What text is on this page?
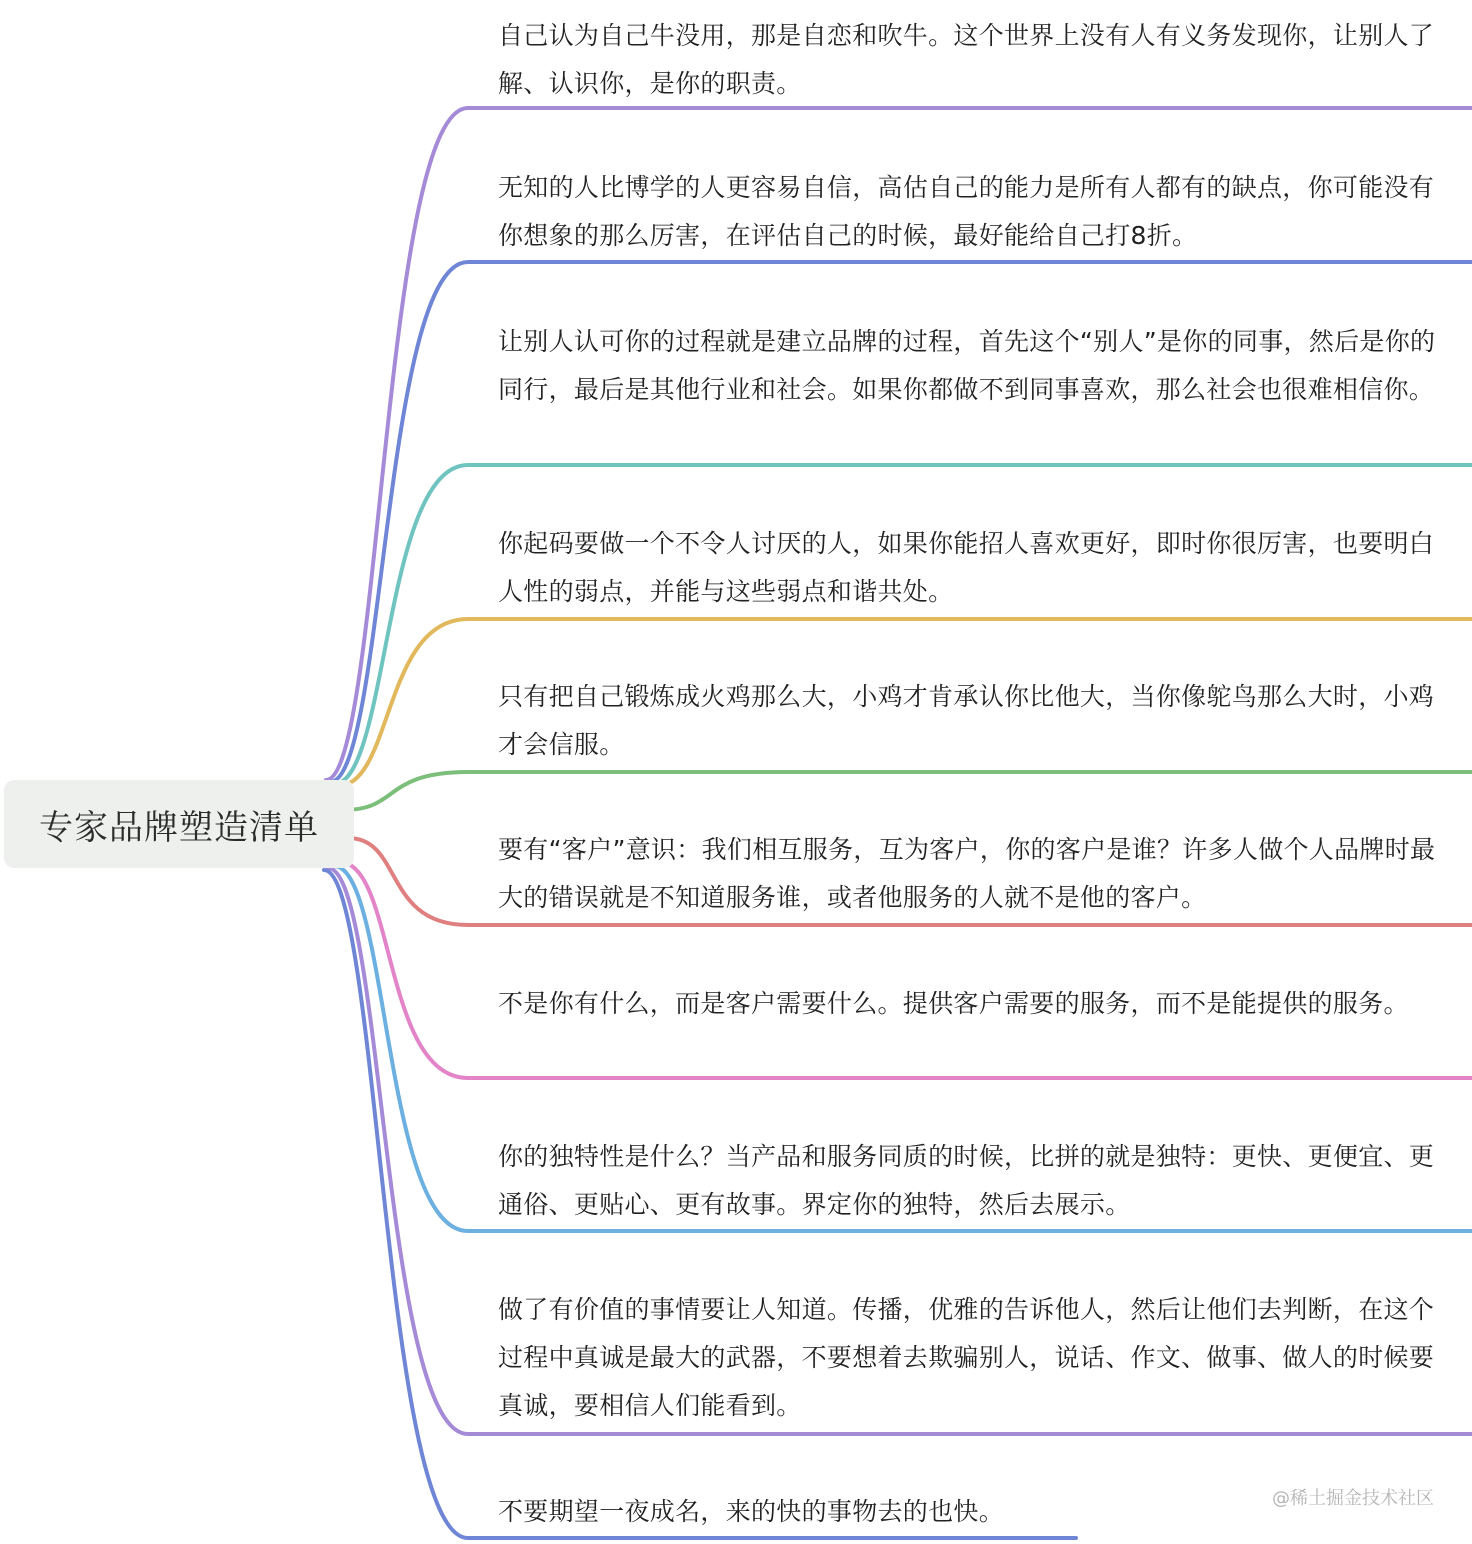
专家品牌塑造清单
自己认为自己牛没用，那是自恋和吹牛。这个世界上没有人有义务发现你，让别人了解、认识你，是你的职责。
无知的人比博学的人更容易自信，高估自己的能力是所有人都有的缺点，你可能没有你想象的那么厉害，在评估自己的时候，最好能给自己打8折。
让别人认可你的过程就是建立品牌的过程，首先这个“别人”是你的同事，然后是你的同行，最后是其他行业和社会。如果你都做不到同事喜欢，那么社会也很难相信你。
你起码要做一个不令人讨厌的人，如果你能招人喜欢更好，即时你很厉害，也要明白人性的弱点，并能与这些弱点和谐共处。
只有把自己锻炼成火鸡那么大，小鸡才肯承认你比他大，当你像鸵鸟那么大时，小鸡才会信服。
要有“客户”意识：我们相互服务，互为客户，你的客户是谁？许多人做个人品牌时最大的错误就是不知道服务谁，或者他服务的人就不是他的客户。
不是你有什么，而是客户需要什么。提供客户需要的服务，而不是能提供的服务。
你的独特性是什么？当产品和服务同质的时候，比拼的就是独特：更快、更便宜、更通俗、更贴心、更有故事。界定你的独特，然后去展示。
做了有价值的事情要让人知道。传播，优雅的告诉他人，然后让他们去判断，在这个过程中真诚是最大的武器，不要想着去欺骗别人，说话、作文、做事、做人的时候要真诚，要相信人们能看到。
不要期望一夜成名，来的快的事物去的也快。	@稀土掘金技术社区
